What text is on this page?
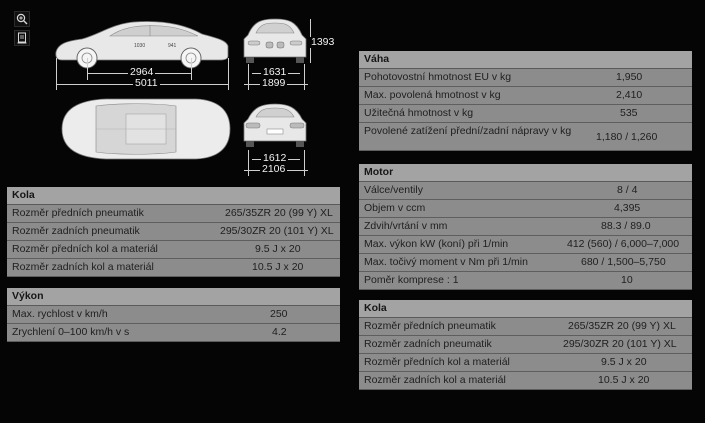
1030	941
2964
5011
1393
1631
1899
1612
2106
Kola
Rozměr předních pneumatik	265/35ZR 20 (99 Y) XL
Rozměr zadních pneumatik	295/30ZR 20 (101 Y) XL
Rozměr předních kol a materiál	9.5 J x 20
Rozměr zadních kol a materiál	10.5 J x 20
Výkon
Max. rychlost v km/h	250
Zrychlení 0–100 km/h v s	4.2
Váha
Pohotovostní hmotnost EU v kg	1,950
Max. povolená hmotnost v kg	2,410
Užitečná hmotnost v kg	535
Povolené zatížení přední/zadní nápravy v kg 1,180 / 1,260
Motor
Válce/ventily	8 / 4
Objem v ccm	4,395
Zdvih/vrtání v mm	88.3 / 89.0
Max. výkon kW (koní) při 1/min	412 (560) / 6,000–7,000
Max. točivý moment v Nm při 1/min	680 / 1,500–5,750
Poměr komprese : 1	10
Kola
Rozměr předních pneumatik	265/35ZR 20 (99 Y) XL
Rozměr zadních pneumatik	295/30ZR 20 (101 Y) XL
Rozměr předních kol a materiál	9.5 J x 20
Rozměr zadních kol a materiál	10.5 J x 20
